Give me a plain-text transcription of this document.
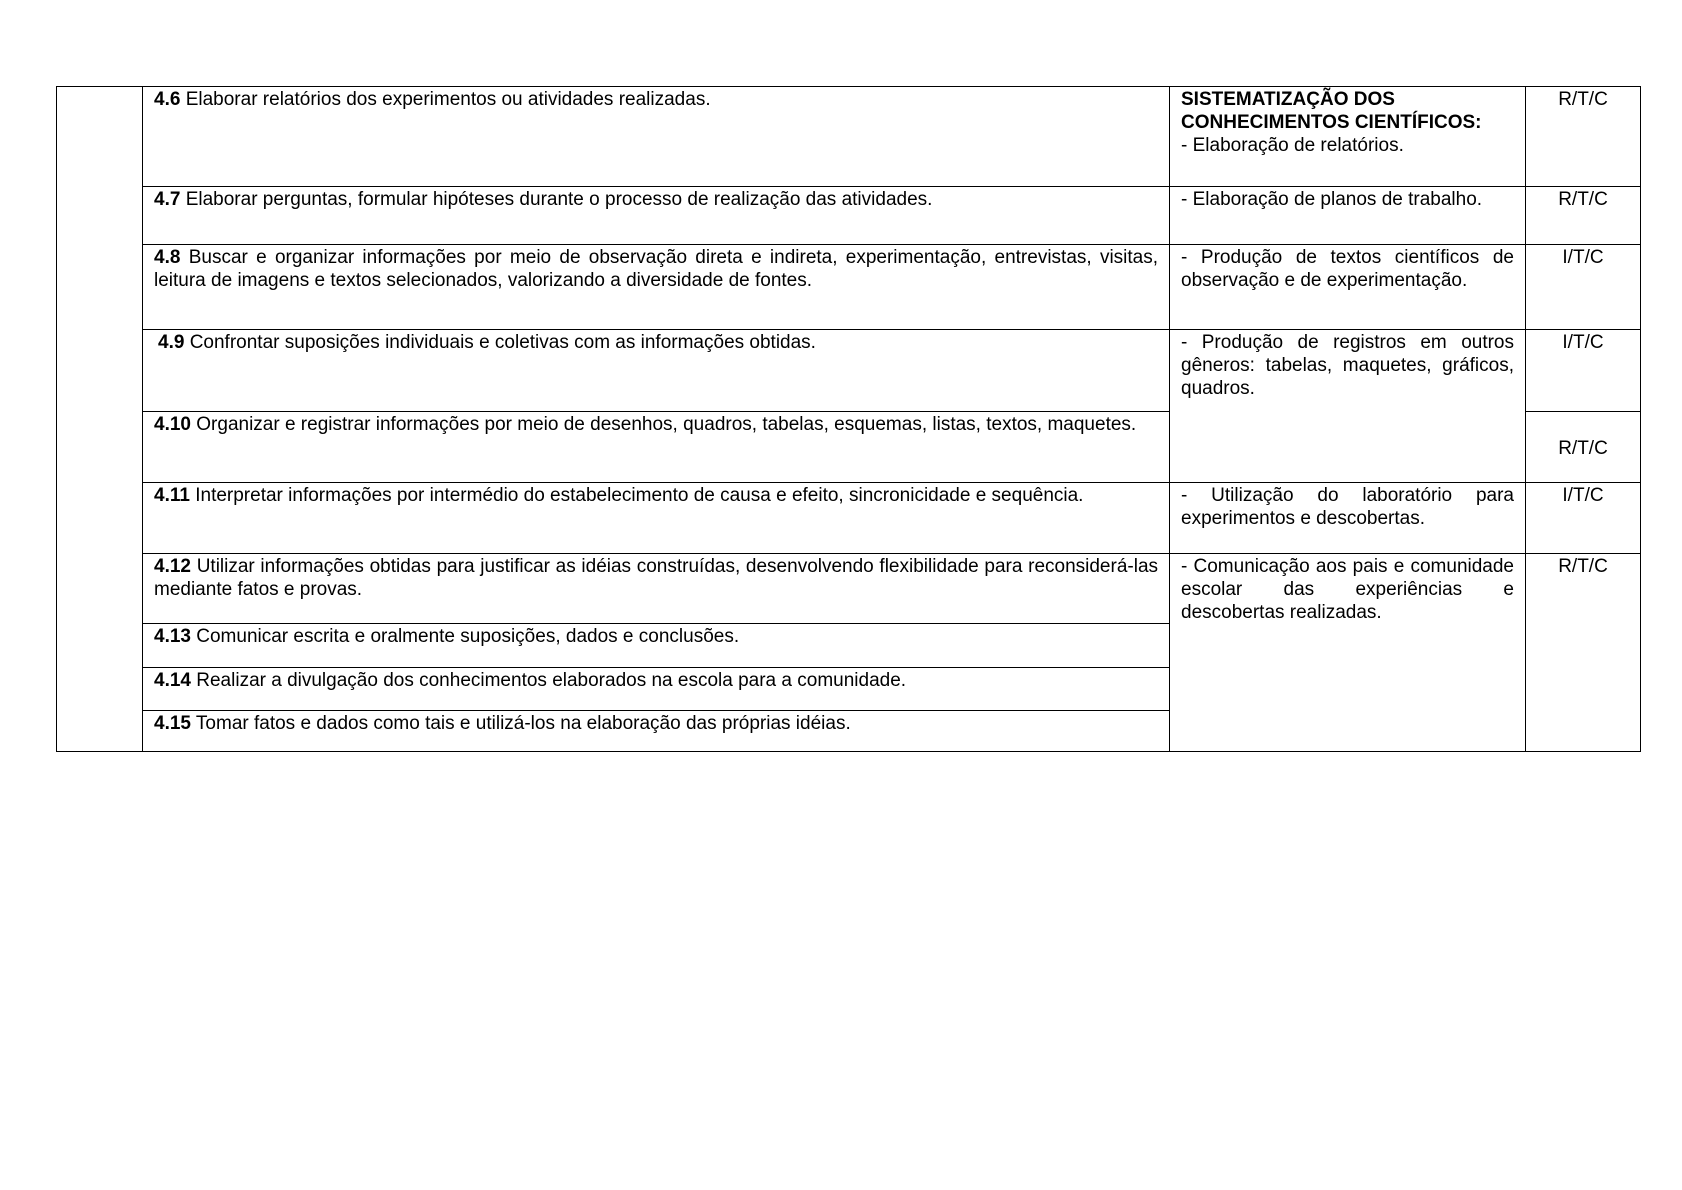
	4.6 Elaborar relatórios dos experimentos ou atividades realizadas.	SISTEMATIZAÇÃO DOS CONHECIMENTOS CIENTÍFICOS:
- Elaboração de relatórios.	R/T/C
	4.7 Elaborar perguntas, formular hipóteses durante o processo de realização das atividades.	- Elaboração de planos de trabalho.	R/T/C
	4.8 Buscar e organizar informações por meio de observação direta e indireta, experimentação, entrevistas, visitas, leitura de imagens e textos selecionados, valorizando a diversidade de fontes.	- Produção de textos científicos de observação e de experimentação.	I/T/C
	4.9 Confrontar suposições individuais e coletivas com as informações obtidas.	- Produção de registros em outros gêneros: tabelas, maquetes, gráficos, quadros.	I/T/C
	4.10 Organizar e registrar informações por meio de desenhos, quadros, tabelas, esquemas, listas, textos, maquetes.		R/T/C
	4.11 Interpretar informações por intermédio do estabelecimento de causa e efeito, sincronicidade e sequência.	- Utilização do laboratório para experimentos e descobertas.	I/T/C
	4.12 Utilizar informações obtidas para justificar as idéias construídas, desenvolvendo flexibilidade para reconsiderá-las mediante fatos e provas.	- Comunicação aos pais e comunidade escolar das experiências e descobertas realizadas.	R/T/C
	4.13 Comunicar escrita e oralmente suposições, dados e conclusões.		
	4.14 Realizar a divulgação dos conhecimentos elaborados na escola para a comunidade.		
	4.15 Tomar fatos e dados como tais e utilizá-los na elaboração das próprias idéias.		
